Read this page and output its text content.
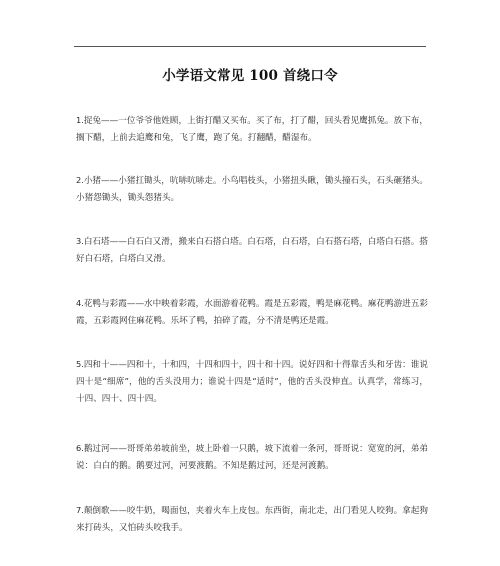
小学语文常见 100 首绕口令

1.捉兔——一位爷爷他姓顾，上街打醋又买布。买了布，打了醋，回头看见鹰抓兔。放下布，搁下醋，上前去追鹰和兔，飞了鹰，跑了兔。打翻醋，醋湿布。

2.小猪——小猪扛锄头，吭哧吭哧走。小鸟唱枝头，小猪扭头瞅，锄头撞石头，石头砸猪头。小猪怨锄头，锄头怨猪头。

3.白石塔——白石白又滑，搬来白石搭白塔。白石塔，白石塔，白石搭石塔，白塔白石搭。搭好白石塔，白塔白又滑。

4.花鸭与彩霞——水中映着彩霞，水面游着花鸭。霞是五彩霞，鸭是麻花鸭。麻花鸭游进五彩霞，五彩霞网住麻花鸭。乐坏了鸭，拍碎了霞，分不清是鸭还是霞。

5.四和十——四和十，十和四，十四和四十，四十和十四。说好四和十得靠舌头和牙齿：谁说四十是“细席”，他的舌头没用力；谁说十四是“适时”，他的舌头没伸直。认真学，常练习，十四、四十、四十四。

6.鹅过河——哥哥弟弟坡前坐，坡上卧着一只鹅，坡下流着一条河，哥哥说：宽宽的河，弟弟说：白白的鹅。鹅要过河，河要渡鹅。不知是鹅过河，还是河渡鹅。

7.颠倒歌——咬牛奶，喝面包，夹着火车上皮包。东西街，南北走，出门看见人咬狗。拿起狗来打砖头，又怕砖头咬我手。
